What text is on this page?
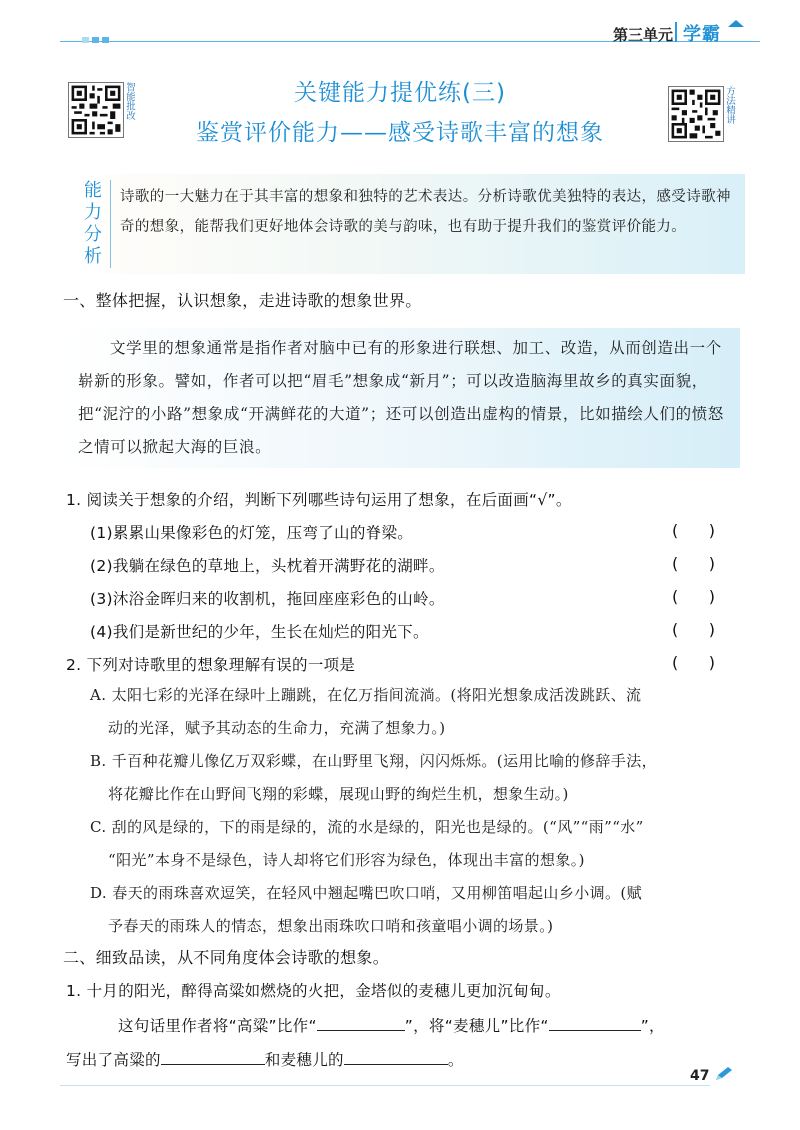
第三单元 学霸
智能批改	方法精讲
关键能力提优练(三)
鉴赏评价能力——感受诗歌丰富的想象
能力分析
诗歌的一大魅力在于其丰富的想象和独特的艺术表达。分析诗歌优美独特的表达，感受诗歌神奇的想象，能帮我们更好地体会诗歌的美与韵味，也有助于提升我们的鉴赏评价能力。
一、整体把握，认识想象，走进诗歌的想象世界。
文学里的想象通常是指作者对脑中已有的形象进行联想、加工、改造，从而创造出一个崭新的形象。譬如，作者可以把“眉毛”想象成“新月”；可以改造脑海里故乡的真实面貌，把“泥泞的小路”想象成“开满鲜花的大道”；还可以创造出虚构的情景，比如描绘人们的愤怒之情可以掀起大海的巨浪。
1. 阅读关于想象的介绍，判断下列哪些诗句运用了想象，在后面画“√”。
(1)累累山果像彩色的灯笼，压弯了山的脊梁。	(      )
(2)我躺在绿色的草地上，头枕着开满野花的湖畔。	(      )
(3)沐浴金晖归来的收割机，拖回座座彩色的山岭。	(      )
(4)我们是新世纪的少年，生长在灿烂的阳光下。	(      )
2. 下列对诗歌里的想象理解有误的一项是	(      )
A. 太阳七彩的光泽在绿叶上蹦跳，在亿万指间流淌。(将阳光想象成活泼跳跃、流
动的光泽，赋予其动态的生命力，充满了想象力。)
B. 千百种花瓣儿像亿万双彩蝶，在山野里飞翔，闪闪烁烁。(运用比喻的修辞手法，
将花瓣比作在山野间飞翔的彩蝶，展现山野的绚烂生机，想象生动。)
C. 刮的风是绿的，下的雨是绿的，流的水是绿的，阳光也是绿的。(“风”“雨”“水”
“阳光”本身不是绿色，诗人却将它们形容为绿色，体现出丰富的想象。)
D. 春天的雨珠喜欢逗笑，在轻风中翘起嘴巴吹口哨，又用柳笛唱起山乡小调。(赋
予春天的雨珠人的情态，想象出雨珠吹口哨和孩童唱小调的场景。)
二、细致品读，从不同角度体会诗歌的想象。
1. 十月的阳光，醉得高粱如燃烧的火把，金塔似的麦穗儿更加沉甸甸。
这句话里作者将“高粱”比作“	”，将“麦穗儿”比作“	”，
写出了高粱的	和麦穗儿的	。
47
